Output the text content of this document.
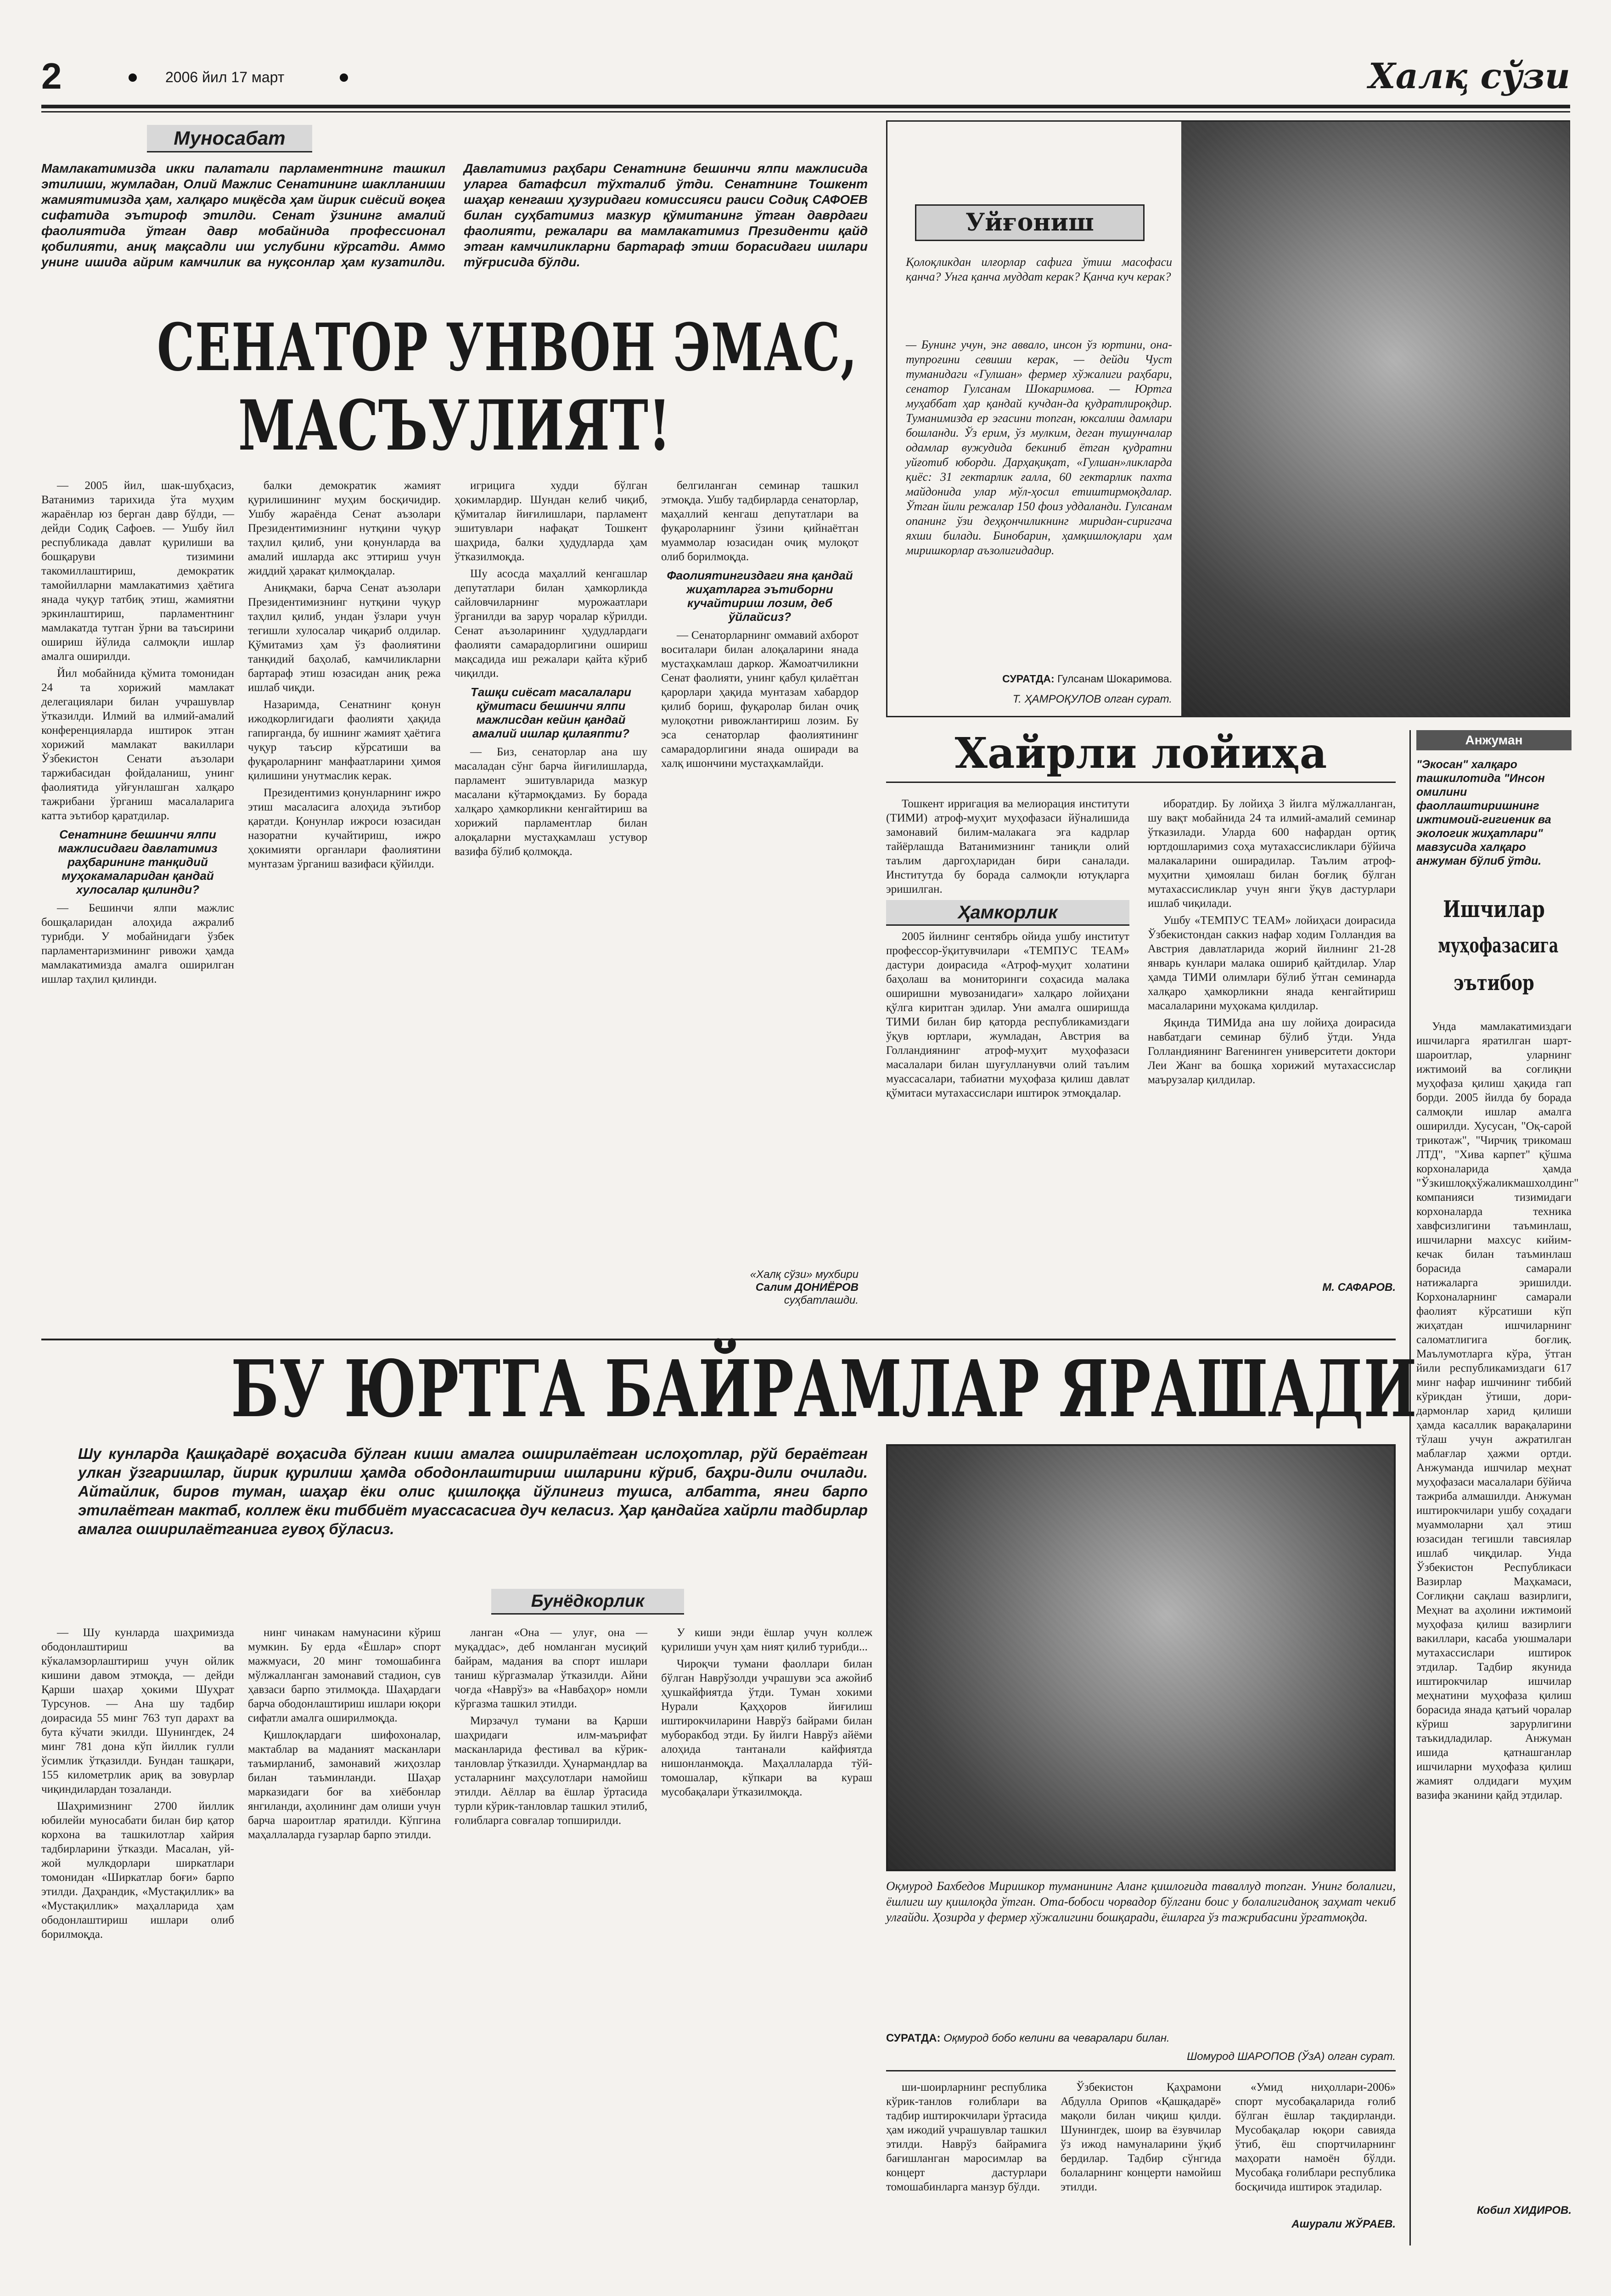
2	2006 йил 17 март	Халқ сўзи
Муносабат
Мамлакатимизда икки палатали парламентнинг ташкил этилиши, жумладан, Олий Мажлис Сенатининг шаклланиши жамиятимизда ҳам, халқаро миқёсда ҳам йирик сиёсий воқеа сифатида эътироф этилди. Сенат ўзининг амалий фаолиятида ўтган давр мобайнида профессионал қобилияти, аниқ мақсадли иш услубини кўрсатди. Аммо унинг ишида айрим камчилик ва нуқсонлар ҳам кузатилди. Давлатимиз раҳбари Сенатнинг бешинчи ялпи мажлисида уларга батафсил тўхталиб ўтди. Сенатнинг Тошкент шаҳар кенгаши ҳузуридаги комиссияси раиси Содиқ САФОЕВ билан суҳбатимиз мазкур қўмитанинг ўтган даврдаги фаолияти, режалари ва мамлакатимиз Президенти қайд этган камчиликларни бартараф этиш борасидаги ишлари тўғрисида бўлди.
СЕНАТОР УНВОН ЭМАС,
МАСЪУЛИЯТ!

— 2005 йил, шак-шубҳасиз, Ватанимиз тарихида ўта муҳим жараёнлар юз берган давр бўлди, — дейди Содиқ Сафоев. — Ушбу йил республикада давлат қурилиши ва бошқаруви тизимини такомиллаштириш, демократик тамойилларни мамлакатимиз ҳаётига янада чуқур татбиқ этиш, жамиятни эркинлаштириш, парламентнинг мамлакатда тутган ўрни ва таъсирини ошириш йўлида салмоқли ишлар амалга оширилди.

Йил мобайнида қўмита томонидан 24 та хорижий мамлакат делегациялари билан учрашувлар ўтказилди. Илмий ва илмий-амалий конференцияларда иштирок этган хорижий мамлакат вакиллари Ўзбекистон Сенати аъзолари таржибасидан фойдаланиш, унинг фаолиятида уйғунлашган халқаро тажрибани ўрганиш масалаларига катта эътибор қаратдилар.

Сенатнинг бешинчи ялпи мажлисидаги давлатимиз раҳбарининг танқидий муҳокамаларидан қандай хулосалар қилинди?

— Бешинчи ялпи мажлис бошқаларидан алоҳида ажралиб турибди. У мобайнидаги ўзбек парламентаризмининг ривожи ҳамда мамлакатимизда амалга оширилган ишлар таҳлил қилинди.

балки демократик жамият қурилишининг муҳим босқичидир. Ушбу жараёнда Сенат аъзолари Президентимизнинг нутқини чуқур таҳлил қилиб, уни қонунларда ва амалий ишларда акс эттириш учун жиддий ҳаракат қилмоқдалар.

Аниқмаки, барча Сенат аъзолари Президентимизнинг нутқини чуқур таҳлил қилиб, ундан ўзлари учун тегишли хулосалар чиқариб олдилар. Қўмитамиз ҳам ўз фаолиятини танқидий баҳолаб, камчиликларни бартараф этиш юзасидан аниқ режа ишлаб чиқди.

Назаримда, Сенатнинг қонун ижодкорлигидаги фаолияти ҳақида гапирганда, бу ишнинг жамият ҳаётига чуқур таъсир кўрсатиши ва фуқароларнинг манфаатларини ҳимоя қилишини унутмаслик керак.

Президентимиз қонунларнинг ижро этиш масаласига алоҳида эътибор қаратди. Қонунлар ижроси юзасидан назоратни кучайтириш, ижро ҳокимияти органлари фаолиятини мунтазам ўрганиш вазифаси қўйилди.

игрицига худди бўлган ҳокимлардир. Шундан келиб чиқиб, қўмиталар йиғилишлари, парламент эшитувлари нафақат Тошкент шаҳрида, балки ҳудудларда ҳам ўтказилмоқда.

Шу асосда маҳаллий кенгашлар депутатлари билан ҳамкорликда сайловчиларнинг мурожаатлари ўрганилди ва зарур чоралар кўрилди. Сенат аъзоларининг ҳудудлардаги фаолияти самарадорлигини ошириш мақсадида иш режалари қайта кўриб чиқилди.

Ташқи сиёсат масалалари қўмитаси бешинчи ялпи мажлисдан кейин қандай амалий ишлар қилаяпти?

— Биз, сенаторлар ана шу масаладан сўнг барча йиғилишларда, парламент эшитувларида мазкур масалани кўтармоқдамиз. Бу борада халқаро ҳамкорликни кенгайтириш ва хорижий парламентлар билан алоқаларни мустаҳкамлаш устувор вазифа бўлиб қолмоқда.

белгиланган семинар ташкил этмоқда. Ушбу тадбирларда сенаторлар, маҳаллий кенгаш депутатлари ва фуқароларнинг ўзини қийнаётган муаммолар юзасидан очиқ мулоқот олиб борилмоқда.

Фаолиятингиздаги яна қандай жиҳатларга эътиборни кучайтириш лозим, деб ўйлайсиз?

— Сенаторларнинг оммавий ахборот воситалари билан алоқаларини янада мустаҳкамлаш даркор. Жамоатчиликни Сенат фаолияти, унинг қабул қилаётган қарорлари ҳақида мунтазам хабардор қилиб бориш, фуқаролар билан очиқ мулоқотни ривожлантириш лозим. Бу эса сенаторлар фаолиятининг самарадорлигини янада оширади ва халқ ишончини мустаҳкамлайди.

«Халқ сўзи» мухбири
Салим ДОНИЁРОВ
суҳбатлашди.
Уйғониш
Қолоқликдан илғорлар сафига ўтиш масофаси қанча? Унга қанча муддат керак? Қанча куч керак?
— Бунинг учун, энг аввало, инсон ўз юртини, она-тупроғини севиши керак, — дейди Чуст туманидаги «Гулшан» фермер хўжалиги раҳбари, сенатор Гулсанам Шокаримова. — Юртга муҳаббат ҳар қандай кучдан-да қудратлироқдир. Туманимизда ер эгасини топган, юксалиш дамлари бошланди. Ўз ерим, ўз мулким, деган тушунчалар одамлар вужудида бекиниб ётган қудратни уйғотиб юборди. Дарҳақиқат, «Гулшан»ликларда қиёс: 31 гектарлик ғалла, 60 гектарлик пахта майдонида улар мўл-ҳосил етиштирмоқдалар. Ўтган йили режалар 150 фоиз уддаланди. Гулсанам опанинг ўзи деҳқончиликнинг миридан-сиригача яхши билади. Бинобарин, ҳамқишлоқлари ҳам миришкорлар аъзолигидадир.
СУРАТДА: Гулсанам Шокаримова.
Т. ҲАМРОҚУЛОВ олган сурат.
Хайрли лойиҳа

Тошкент ирригация ва мелиорация институти (ТИМИ) атроф-муҳит муҳофазаси йўналишида замонавий билим-малакага эга кадрлар тайёрлашда Ватанимизнинг таниқли олий таълим даргоҳларидан бири саналади. Институтда бу борада салмоқли ютуқларга эришилган.

Ҳамкорлик

2005 йилнинг сентябрь ойида ушбу институт профессор-ўқитувчилари «ТЕМПУС ТЕАМ» дастури доирасида «Атроф-муҳит холатини баҳолаш ва мониторинги соҳасида малака оширишни мувозанидаги» халқаро лойиҳани қўлга киритган эдилар. Уни амалга оширишда ТИМИ билан бир қаторда республикамиздаги ўқув юртлари, жумладан, Австрия ва Голландиянинг атроф-муҳит муҳофазаси масалалари билан шуғулланувчи олий таълим муассасалари, табиатни муҳофаза қилиш давлат қўмитаси мутахассислари иштирок этмоқдалар.

иборатдир. Бу лойиҳа 3 йилга мўлжалланган, шу вақт мобайнида 24 та илмий-амалий семинар ўтказилади. Уларда 600 нафардан ортиқ юртдошларимиз соҳа мутахассисликлари бўйича малакаларини оширадилар. Таълим атроф-муҳитни ҳимоялаш билан боғлиқ бўлган мутахассисликлар учун янги ўқув дастурлари ишлаб чиқилади.

Ушбу «ТЕМПУС ТЕАМ» лойиҳаси доирасида Ўзбекистондан саккиз нафар ходим Голландия ва Австрия давлатларида жорий йилнинг 21-28 январь кунлари малака ошириб қайтдилар. Улар ҳамда ТИМИ олимлари бўлиб ўтган семинарда халқаро ҳамкорликни янада кенгайтириш масалаларини муҳокама қилдилар.

Яқинда ТИМИда ана шу лойиҳа доирасида навбатдаги семинар бўлиб ўтди. Унда Голландиянинг Вагенинген университети доктори Леи Жанг ва бошқа хорижий мутахассислар маърузалар қилдилар.

М. САФАРОВ.
Анжуман
"Экосан" халқаро ташкилотида "Инсон омилини фаоллаштиришнинг ижтимоий-гигиеник ва экологик жиҳатлари" мавзусида халқаро анжуман бўлиб ўтди.
Ишчилар
муҳофазасига
эътибор

Унда мамлакатимиздаги ишчиларга яратилган шарт-шароитлар, уларнинг ижтимоий ва соғлиқни муҳофаза қилиш ҳақида гап борди. 2005 йилда бу борада салмоқли ишлар амалга оширилди. Хусусан, "Оқ-сарой трикотаж", "Чирчиқ трикомаш ЛТД", "Хива карпет" қўшма корхоналарида ҳамда "Ўзкишлоқхўжаликмашхолдинг" компанияси тизимидаги корхоналарда техника хавфсизлигини таъминлаш, ишчиларни махсус кийим-кечак билан таъминлаш борасида самарали натижаларга эришилди. Корхоналарнинг самарали фаолият кўрсатиши кўп жиҳатдан ишчиларнинг саломатлигига боғлиқ. Маълумотларга кўра, ўтган йили республикамиздаги 617 минг нафар ишчининг тиббий кўрикдан ўтиши, дори-дармонлар харид қилиши ҳамда касаллик варақаларини тўлаш учун ажратилган маблағлар ҳажми ортди. Анжуманда ишчилар меҳнат муҳофазаси масалалари бўйича тажриба алмашилди. Анжуман иштирокчилари ушбу соҳадаги муаммоларни ҳал этиш юзасидан тегишли тавсиялар ишлаб чиқдилар. Унда Ўзбекистон Республикаси Вазирлар Маҳкамаси, Соғлиқни сақлаш вазирлиги, Меҳнат ва аҳолини ижтимоий муҳофаза қилиш вазирлиги вакиллари, касаба уюшмалари мутахассислари иштирок этдилар. Тадбир якунида иштирокчилар ишчилар меҳнатини муҳофаза қилиш борасида янада қатъий чоралар кўриш зарурлигини таъкидладилар. Анжуман ишида қатнашганлар ишчиларни муҳофаза қилиш жамият олдидаги муҳим вазифа эканини қайд этдилар.

Кобил ХИДИРОВ.
БУ ЮРТГА БАЙРАМЛАР ЯРАШАДИ
Шу кунларда Қашқадарё воҳасида бўлган киши амалга оширилаётган ислоҳотлар, рўй бераётган улкан ўзгаришлар, йирик қурилиш ҳамда ободонлаштириш ишларини кўриб, баҳри-дили очилади. Айтайлик, биров туман, шаҳар ёки олис қишлоққа йўлингиз тушса, албатта, янги барпо этилаётган мактаб, коллеж ёки тиббиёт муассасасига дуч келасиз. Ҳар қандайга хайрли тадбирлар амалга оширилаётганига гувоҳ бўласиз.
Бунёдкорлик
Оқмурод Бахбедов Миришкор туманининг Аланг қишлоғида таваллуд топган. Унинг болалиги, ёшлиги шу қишлоқда ўтган. Ота-бобоси чорвадор бўлгани боис у болалигиданоқ заҳмат чекиб улғайди. Ҳозирда у фермер хўжалигини бошқаради, ёшларга ўз тажрибасини ўргатмоқда.
СУРАТДА: Оқмурод бобо келини ва чеваралари билан.
Шомурод ШАРОПОВ (ЎзА) олган сурат.

— Шу кунларда шаҳримизда ободонлаштириш ва кўкаламзорлаштириш учун ойлик кишини давом этмоқда, — дейди Қарши шаҳар ҳокими Шуҳрат Турсунов. — Ана шу тадбир доирасида 55 минг 763 туп дарахт ва бута кўчати экилди. Шунингдек, 24 минг 781 дона кўп йиллик гулли ўсимлик ўтқазилди. Бундан ташқари, 155 километрлик ариқ ва зовурлар чиқиндилардан тозаланди.

Шаҳримизнинг 2700 йиллик юбилейи муносабати билан бир қатор корхона ва ташкилотлар хайрия тадбирларини ўтказди. Масалан, уй-жой мулкдорлари ширкатлари томонидан «Ширкатлар боғи» барпо этилди. Даҳрандик, «Мустақиллик» ва «Мустақиллик» маҳалларида ҳам ободонлаштириш ишлари олиб борилмоқда.

нинг чинакам намунасини кўриш мумкин. Бу ерда «Ёшлар» спорт мажмуаси, 20 минг томошабинга мўлжалланган замонавий стадион, сув ҳавзаси барпо этилмоқда. Шаҳардаги барча ободонлаштириш ишлари юқори сифатли амалга оширилмоқда.

Қишлоқлардаги шифохоналар, мактаблар ва маданият масканлари таъмирланиб, замонавий жиҳозлар билан таъминланди. Шаҳар марказидаги боғ ва хиёбонлар янгиланди, аҳолининг дам олиши учун барча шароитлар яратилди. Кўпгина маҳаллаларда гузарлар барпо этилди.

ланган «Она — улуғ, она — муқаддас», деб номланган мусиқий байрам, мадания ва спорт ишлари таниш кўргазмалар ўтказилди. Айни чоғда «Наврўз» ва «Навбаҳор» номли кўргазма ташкил этилди.

Мирзачул тумани ва Қарши шаҳридаги илм-маърифат масканларида фестивал ва кўрик-танловлар ўтказилди. Ҳунармандлар ва усталарнинг маҳсулотлари намойиш этилди. Аёллар ва ёшлар ўртасида турли кўрик-танловлар ташкил этилиб, ғолибларга совғалар топширилди.

У киши энди ёшлар учун коллеж қурилиши учун ҳам ният қилиб турибди...

Чироқчи тумани фаоллари билан бўлган Наврўзолди учрашуви эса ажойиб ҳушкайфиятда ўтди. Туман хокими Нурали Қаҳҳоров йиғилиш иштирокчиларини Наврўз байрами билан муборакбод этди. Бу йилги Наврўз айёми алоҳида тантанали кайфиятда нишонланмоқда. Маҳаллаларда тўй-томошалар, кўпкари ва кураш мусобақалари ўтказилмоқда.

ши-шоирларнинг республика кўрик-танлов ғолиблари ва тадбир иштирокчилари ўртасида ҳам ижодий учрашувлар ташкил этилди. Наврўз байрамига бағишланган маросимлар ва концерт дастурлари томошабинларга манзур бўлди.

Ўзбекистон Қаҳрамони Абдулла Орипов «Қашқадарё» мақоли билан чиқиш қилди. Шунингдек, шоир ва ёзувчилар ўз ижод намуналарини ўқиб бердилар. Тадбир сўнгида болаларнинг концерти намойиш этилди.

«Умид ниҳоллари-2006» спорт мусобақаларида ғолиб бўлган ёшлар тақдирланди. Мусобақалар юқори савияда ўтиб, ёш спортчиларнинг маҳорати намоён бўлди. Мусобақа ғолиблари республика босқичида иштирок этадилар.

Ашурали ЖЎРАЕВ.
